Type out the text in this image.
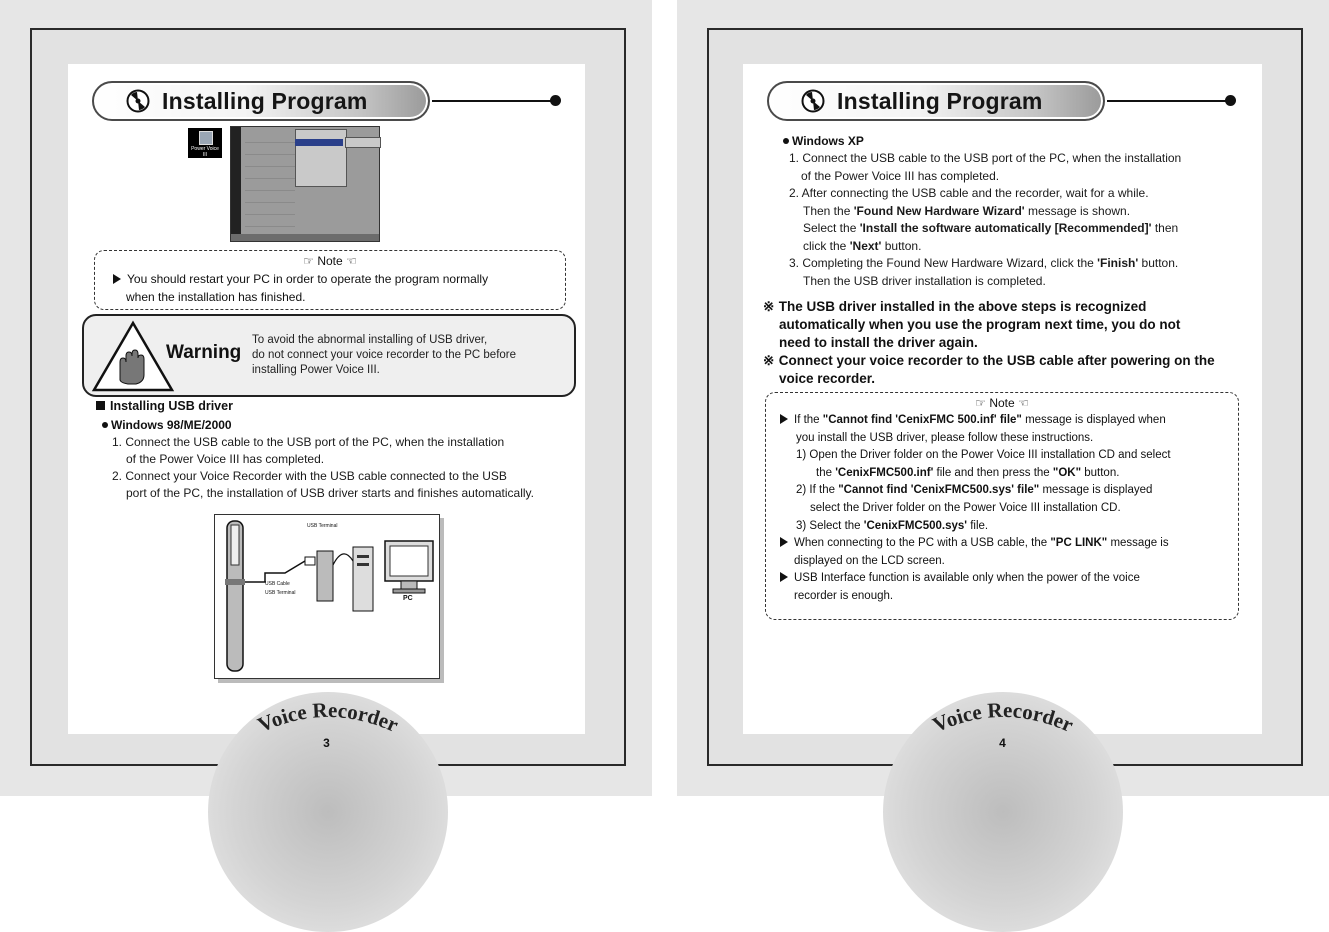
Installing Program
Power Voice III
☞ Note ☜
You should restart your PC in order to operate the program normally
when the installation has finished.
Warning
To avoid the abnormal installing of USB driver,
do not connect your voice recorder to the PC before
installing Power Voice III.
Installing USB driver
Windows 98/ME/2000
1. Connect the USB cable to the USB port of the PC, when the installation
of the Power Voice III has completed.
2. Connect your Voice Recorder with the USB cable connected to the USB
port of the PC, the installation of USB driver starts and finishes automatically.
USB Terminal
USB Cable
USB Terminal
PC
Voice Recorder
3
Installing Program
Windows XP
1. Connect the USB cable to the USB port of the PC, when the installation
of the Power Voice III has completed.
2. After connecting the USB cable and the recorder, wait for a while.
Then the 'Found New Hardware Wizard' message is shown.
Select the 'Install the software automatically [Recommended]' then
click the 'Next' button.
3. Completing the Found New Hardware Wizard, click the 'Finish' button.
Then the USB driver installation is completed.
※ The USB driver installed in the above steps is recognized
automatically when you use the program next time, you do not
need to install the driver again.
※ Connect your voice recorder to the USB cable after powering on the
voice recorder.
☞ Note ☜
If the "Cannot find 'CenixFMC 500.inf' file" message is displayed when
you install the USB driver, please follow these instructions.
1) Open the Driver folder on the Power Voice III installation CD and select
the 'CenixFMC500.inf' file and then press the "OK" button.
2) If the "Cannot find 'CenixFMC500.sys' file" message is displayed
select the Driver folder on the Power Voice III installation CD.
3) Select the 'CenixFMC500.sys' file.
When connecting to the PC with a USB cable, the "PC LINK" message is
displayed on the LCD screen.
USB Interface function is available only when the power of the voice
recorder is enough.
Voice Recorder
4
